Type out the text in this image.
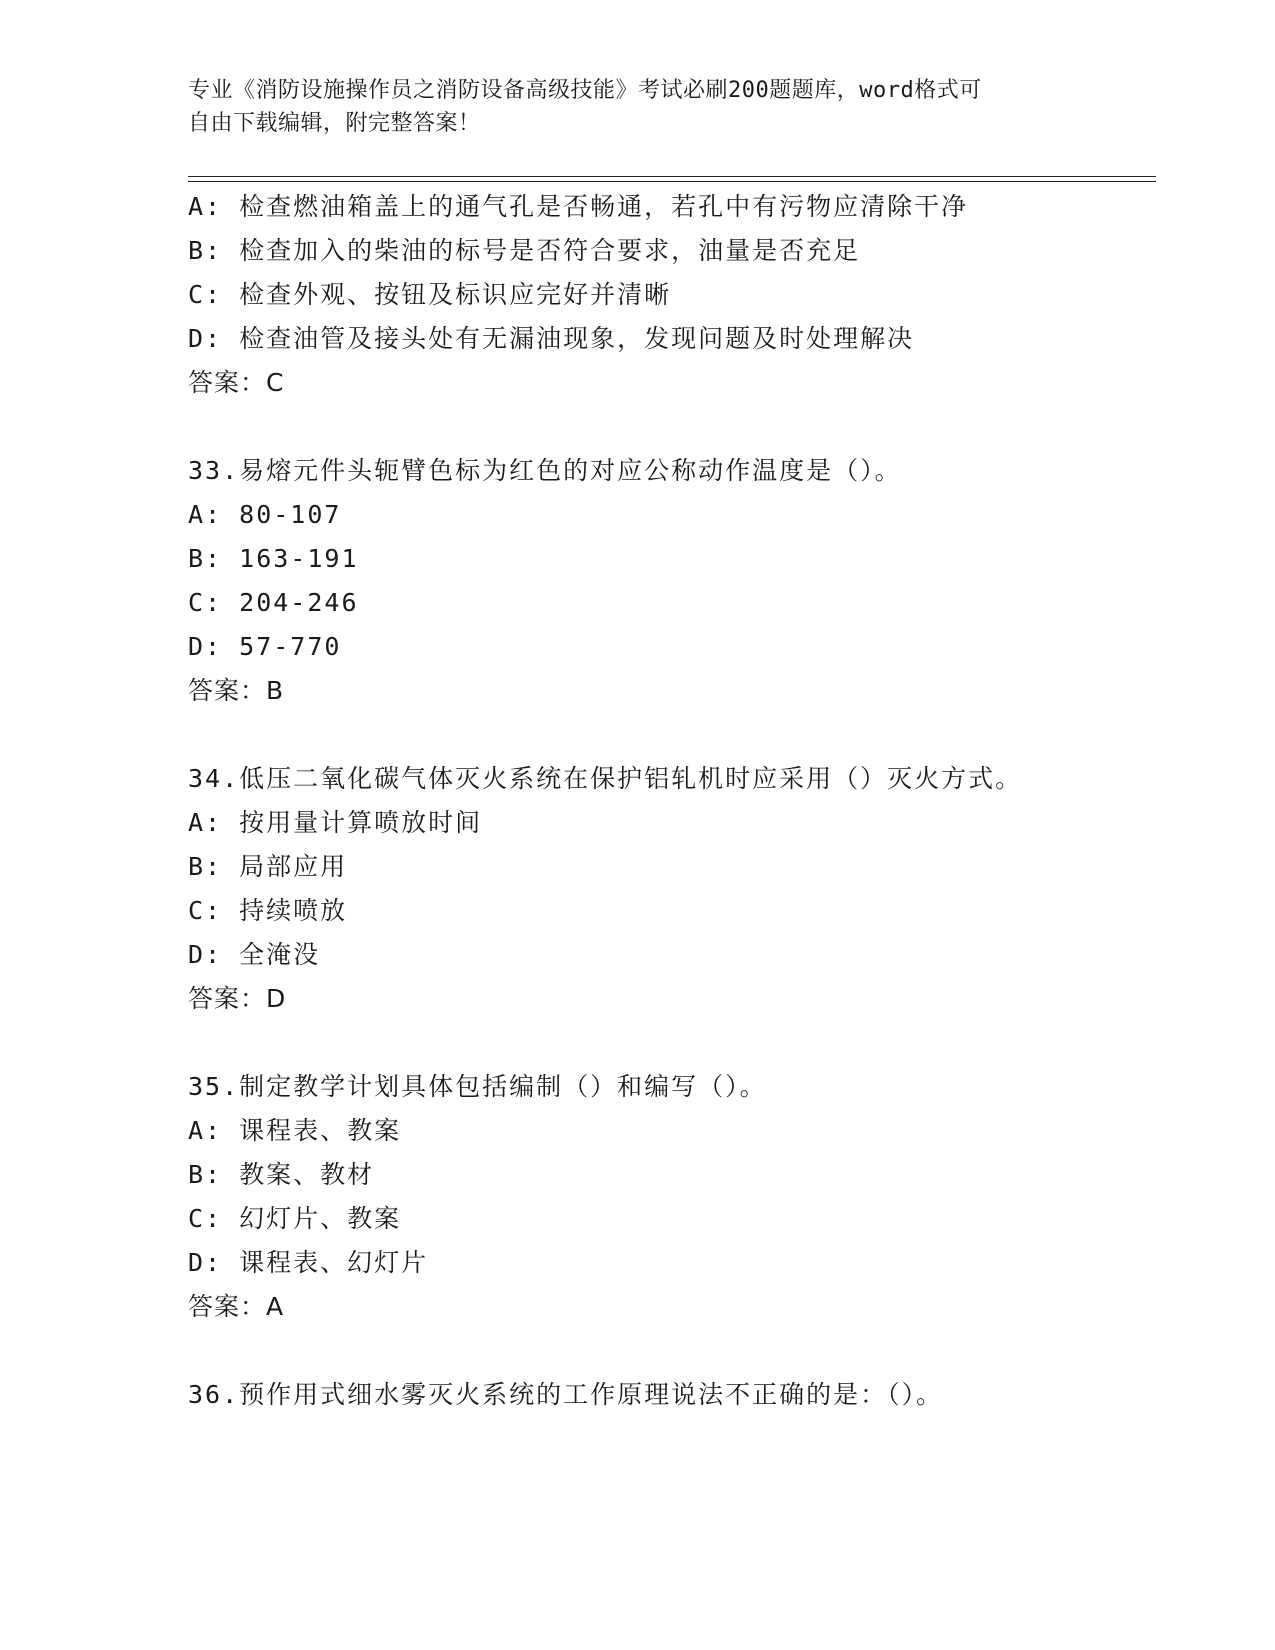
专业《消防设施操作员之消防设备高级技能》考试必刷200题题库，word格式可
自由下载编辑，附完整答案！
A: 检查燃油箱盖上的通气孔是否畅通，若孔中有污物应清除干净
B: 检查加入的柴油的标号是否符合要求，油量是否充足
C: 检查外观、按钮及标识应完好并清晰
D: 检查油管及接头处有无漏油现象，发现问题及时处理解决
答案：C
33.易熔元件头轭臂色标为红色的对应公称动作温度是（）。
A: 80-107
B: 163-191
C: 204-246
D: 57-770
答案：B
34.低压二氧化碳气体灭火系统在保护铝轧机时应采用（）灭火方式。
A: 按用量计算喷放时间
B: 局部应用
C: 持续喷放
D: 全淹没
答案：D
35.制定教学计划具体包括编制（）和编写（）。
A: 课程表、教案
B: 教案、教材
C: 幻灯片、教案
D: 课程表、幻灯片
答案：A
36.预作用式细水雾灭火系统的工作原理说法不正确的是：（）。
